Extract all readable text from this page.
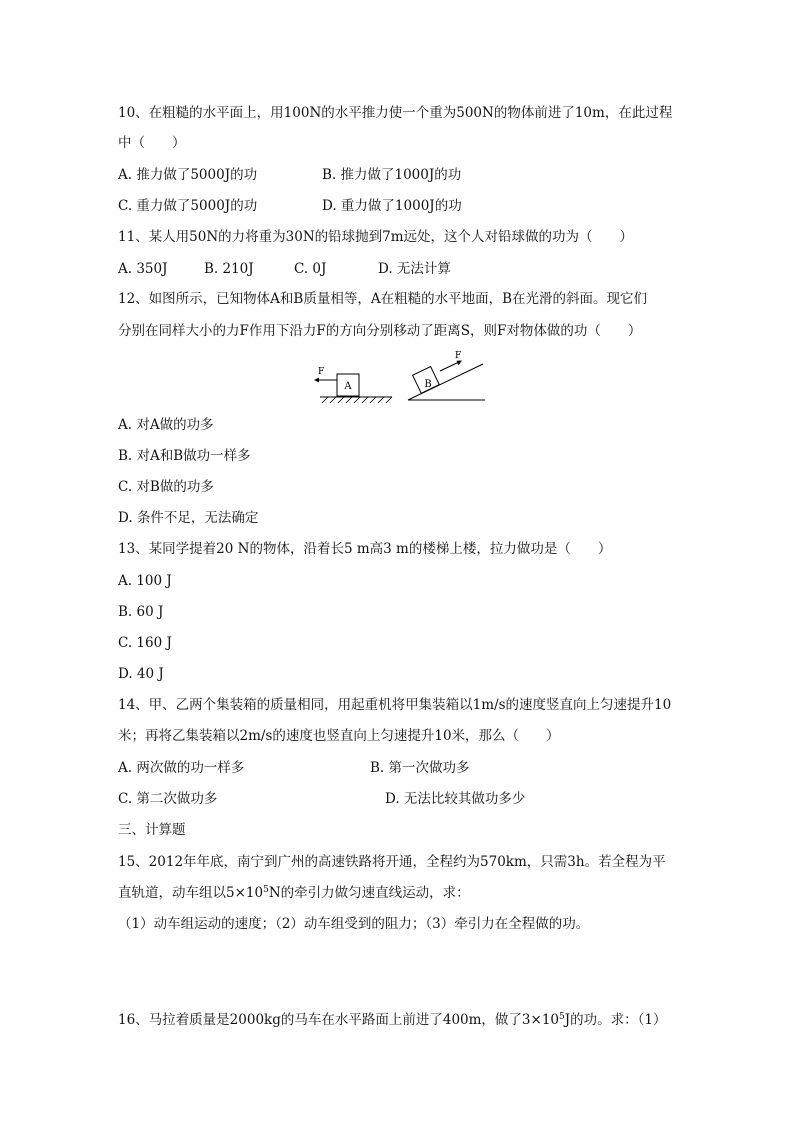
10、在粗糙的水平面上，用100N的水平推力使一个重为500N的物体前进了10m，在此过程
中（　　）
A. 推力做了5000J的功	B. 推力做了1000J的功
C. 重力做了5000J的功	D. 重力做了1000J的功
11、某人用50N的力将重为30N的铅球抛到7m远处，这个人对铅球做的功为（　　）
A. 350J	B. 210J	C. 0J	D. 无法计算
12、如图所示，已知物体A和B质量相等，A在粗糙的水平地面，B在光滑的斜面。现它们
分别在同样大小的力F作用下沿力F的方向分别移动了距离S，则F对物体做的功（　　）
A
F
B
F
A. 对A做的功多
B. 对A和B做功一样多
C. 对B做的功多
D. 条件不足，无法确定
13、某同学提着20 N的物体，沿着长5 m高3 m的楼梯上楼，拉力做功是（　　）
A. 100 J
B. 60 J
C. 160 J
D. 40 J
14、甲、乙两个集装箱的质量相同，用起重机将甲集装箱以1m/s的速度竖直向上匀速提升10
米；再将乙集装箱以2m/s的速度也竖直向上匀速提升10米，那么（　　）
A. 两次做的功一样多	B. 第一次做功多
C. 第二次做功多	D. 无法比较其做功多少
三、计算题
15、2012年年底，南宁到广州的高速铁路将开通，全程约为570km，只需3h。若全程为平
直轨道，动车组以$5\times 10^5N$的牵引力做匀速直线运动，求：
（1）动车组运动的速度；（2）动车组受到的阻力；（3）牵引力在全程做的功。
16、马拉着质量是2000kg的马车在水平路面上前进了400m，做了$3\times 10^5J$的功。求：（1）
